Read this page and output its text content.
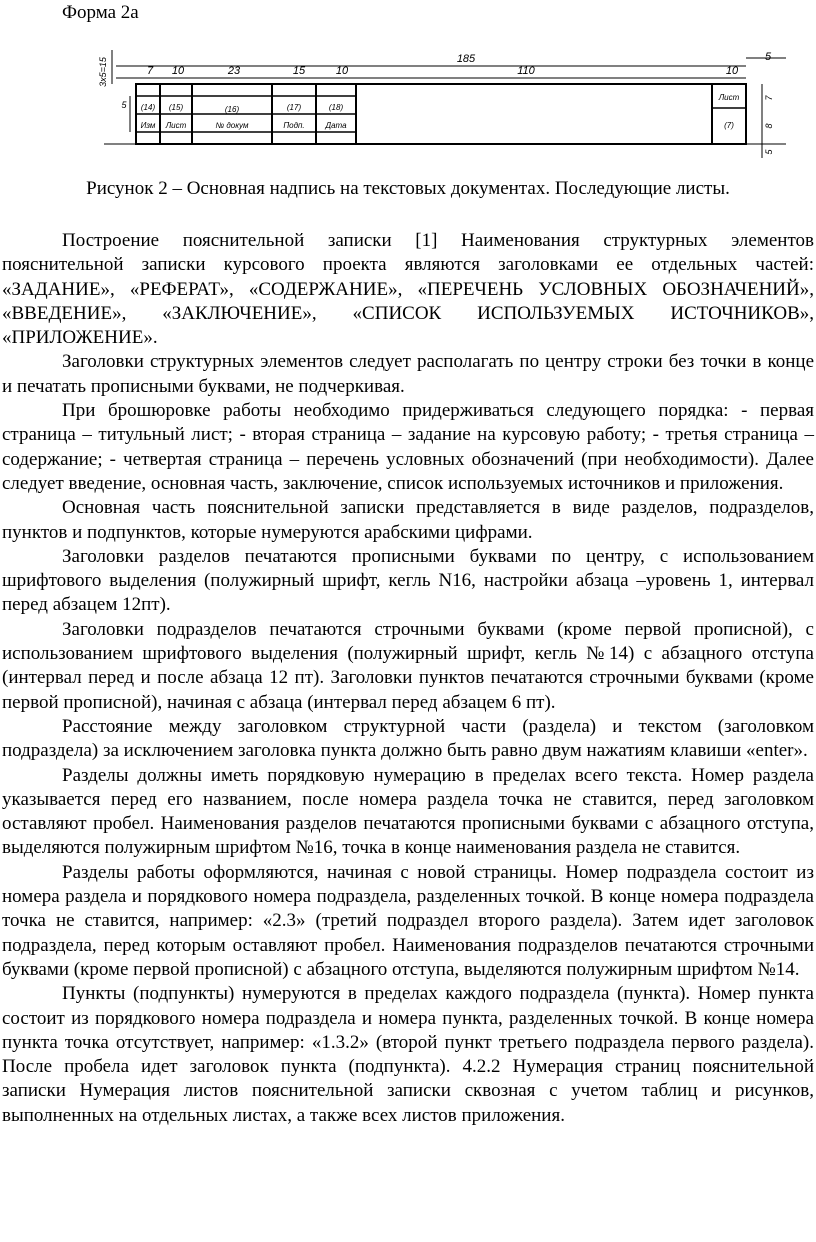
Форма 2а
3x5=15	185	5
7 10	23	15	10	110	10
5 (14) (15)	(16)	(17)	(18)
Изм Лист	№ докум	Подп.	Дата
Лист
(7)
7
8
5
Рисунок 2 – Основная надпись на текстовых документах. Последующие листы.

Построение пояснительной записки [1] Наименования структурных элементов пояснительной записки курсового проекта являются заголовками ее отдельных частей: «ЗАДАНИЕ», «РЕФЕРАТ», «СОДЕРЖАНИЕ», «ПЕРЕЧЕНЬ УСЛОВНЫХ ОБОЗНАЧЕНИЙ», «ВВЕДЕНИЕ», «ЗАКЛЮЧЕНИЕ», «СПИСОК ИСПОЛЬЗУЕМЫХ ИСТОЧНИКОВ», «ПРИЛОЖЕНИЕ».

Заголовки структурных элементов следует располагать по центру строки без точки в конце и печатать прописными буквами, не подчеркивая.

При брошюровке работы необходимо придерживаться следующего порядка: - первая страница – титульный лист; - вторая страница – задание на курсовую работу; - третья страница – содержание; - четвертая страница – перечень условных обозначений (при необходимости). Далее следует введение, основная часть, заключение, список используемых источников и приложения.

Основная часть пояснительной записки представляется в виде разделов, подразделов, пунктов и подпунктов, которые нумеруются арабскими цифрами.

Заголовки разделов печатаются прописными буквами по центру, с использованием шрифтового выделения (полужирный шрифт, кегль N16, настройки абзаца –уровень 1, интервал перед абзацем 12пт).

Заголовки подразделов печатаются строчными буквами (кроме первой прописной), с использованием шрифтового выделения (полужирный шрифт, кегль №14) с абзацного отступа (интервал перед и после абзаца 12 пт). Заголовки пунктов печатаются строчными буквами (кроме первой прописной), начиная с абзаца (интервал перед абзацем 6 пт).

Расстояние между заголовком структурной части (раздела) и текстом (заголовком подраздела) за исключением заголовка пункта должно быть равно двум нажатиям клавиши «enter».

Разделы должны иметь порядковую нумерацию в пределах всего текста. Номер раздела указывается перед его названием, после номера раздела точка не ставится, перед заголовком оставляют пробел. Наименования разделов печатаются прописными буквами с абзацного отступа, выделяются полужирным шрифтом №16, точка в конце наименования раздела не ставится.

Разделы работы оформляются, начиная с новой страницы. Номер подраздела состоит из номера раздела и порядкового номера подраздела, разделенных точкой. В конце номера подраздела точка не ставится, например: «2.3» (третий подраздел второго раздела). Затем идет заголовок подраздела, перед которым оставляют пробел. Наименования подразделов печатаются строчными буквами (кроме первой прописной) с абзацного отступа, выделяются полужирным шрифтом №14.

Пункты (подпункты) нумеруются в пределах каждого подраздела (пункта). Номер пункта состоит из порядкового номера подраздела и номера пункта, разделенных точкой. В конце номера пункта точка отсутствует, например: «1.3.2» (второй пункт третьего подраздела первого раздела). После пробела идет заголовок пункта (подпункта). 4.2.2 Нумерация страниц пояснительной записки Нумерация листов пояснительной записки сквозная с учетом таблиц и рисунков, выполненных на отдельных листах, а также всех листов приложения.
